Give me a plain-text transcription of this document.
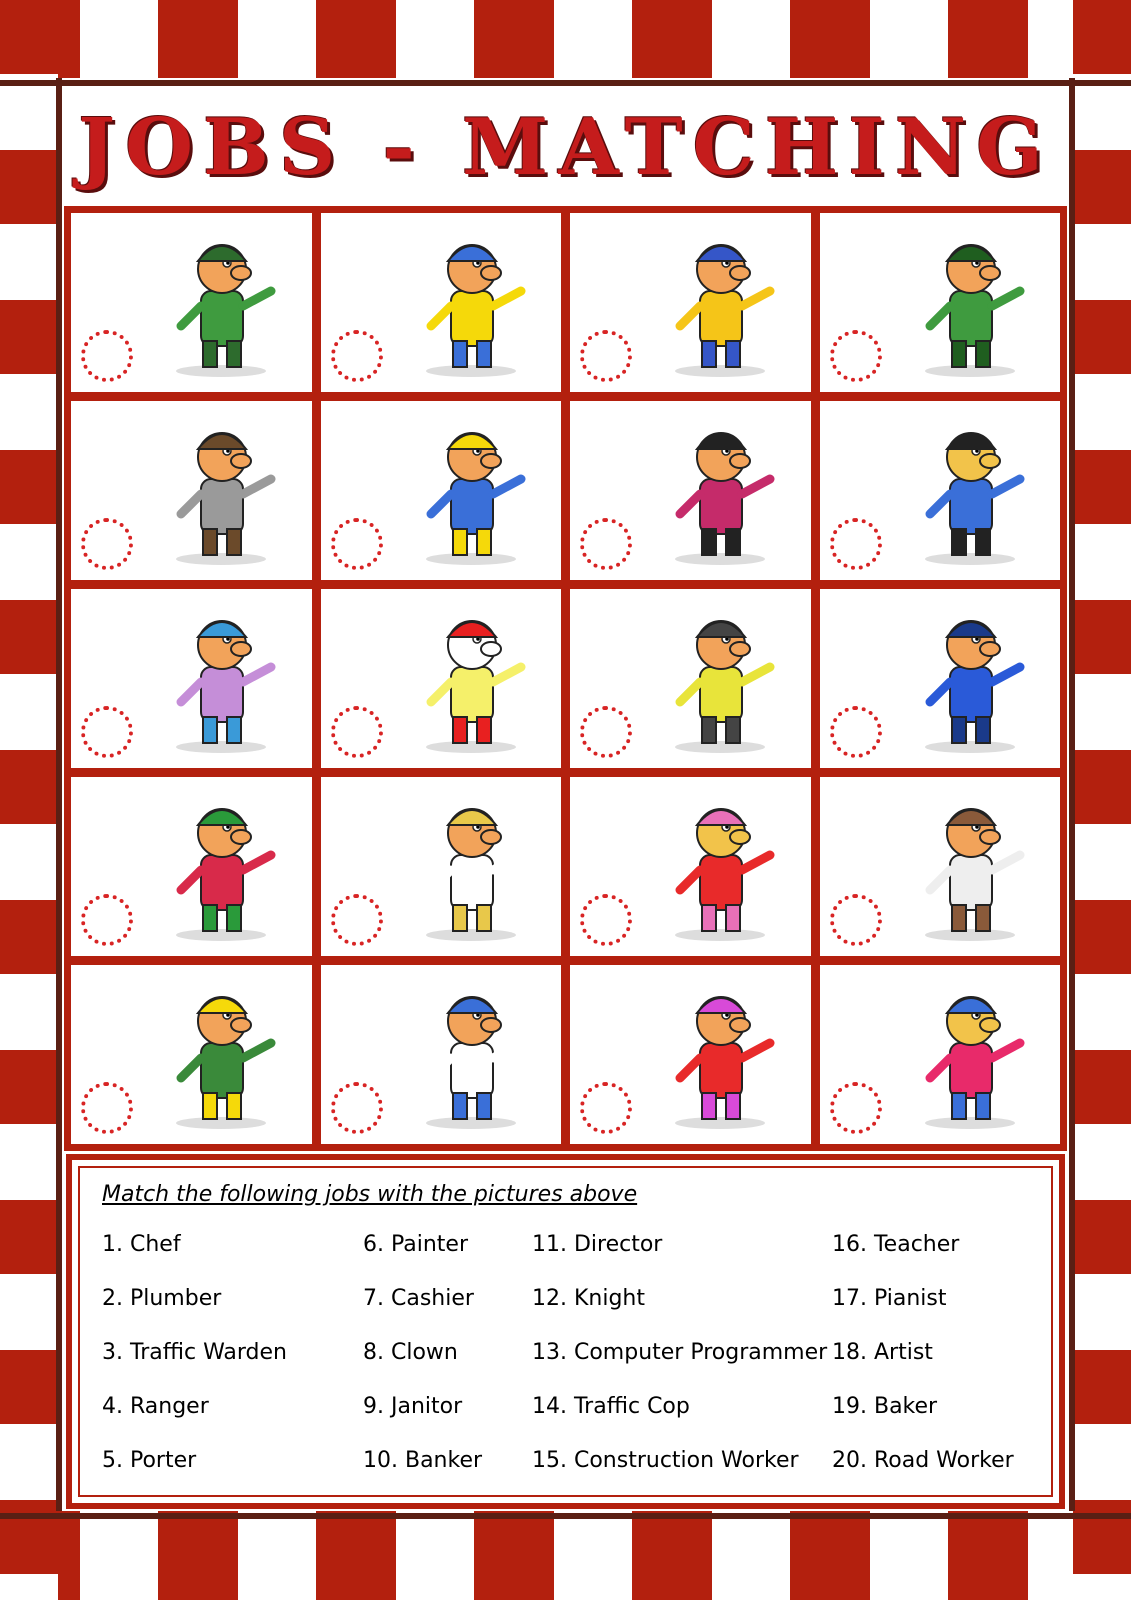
JOBS - MATCHING
Match the following jobs with the pictures above
1. Chef
2. Plumber
3. Traffic Warden
4. Ranger
5. Porter
6. Painter
7. Cashier
8. Clown
9. Janitor
10. Banker
11. Director
12. Knight
13. Computer Programmer
14. Traffic Cop
15. Construction Worker
16. Teacher
17. Pianist
18. Artist
19. Baker
20. Road Worker
